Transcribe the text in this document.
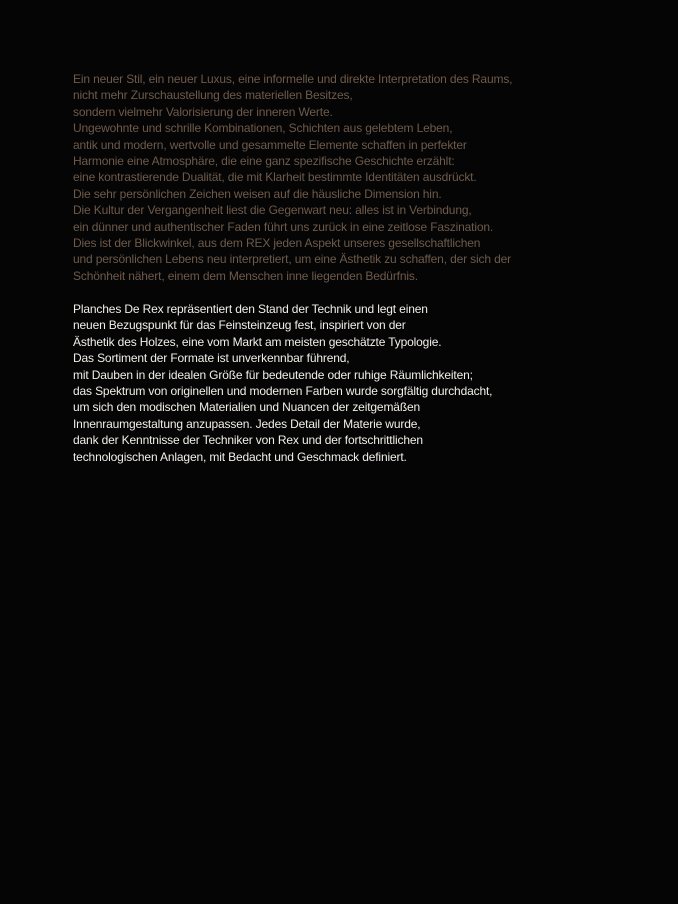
Ein neuer Stil, ein neuer Luxus, eine informelle und direkte Interpretation des Raums,
nicht mehr Zurschaustellung des materiellen Besitzes,
sondern vielmehr Valorisierung der inneren Werte.
Ungewohnte und schrille Kombinationen, Schichten aus gelebtem Leben,
antik und modern, wertvolle und gesammelte Elemente schaffen in perfekter
Harmonie eine Atmosphäre, die eine ganz spezifische Geschichte erzählt:
eine kontrastierende Dualität, die mit Klarheit bestimmte Identitäten ausdrückt.
Die sehr persönlichen Zeichen weisen auf die häusliche Dimension hin.
Die Kultur der Vergangenheit liest die Gegenwart neu: alles ist in Verbindung,
ein dünner und authentischer Faden führt uns zurück in eine zeitlose Faszination.
Dies ist der Blickwinkel, aus dem REX jeden Aspekt unseres gesellschaftlichen
und persönlichen Lebens neu interpretiert, um eine Ästhetik zu schaffen, der sich der
Schönheit nähert, einem dem Menschen inne liegenden Bedürfnis.
Planches De Rex repräsentiert den Stand der Technik und legt einen
neuen Bezugspunkt für das Feinsteinzeug fest, inspiriert von der
Ästhetik des Holzes, eine vom Markt am meisten geschätzte Typologie.
Das Sortiment der Formate ist unverkennbar führend,
mit Dauben in der idealen Größe für bedeutende oder ruhige Räumlichkeiten;
das Spektrum von originellen und modernen Farben wurde sorgfältig durchdacht,
um sich den modischen Materialien und Nuancen der zeitgemäßen
Innenraumgestaltung anzupassen. Jedes Detail der Materie wurde,
dank der Kenntnisse der Techniker von Rex und der fortschrittlichen
technologischen Anlagen, mit Bedacht und Geschmack definiert.
